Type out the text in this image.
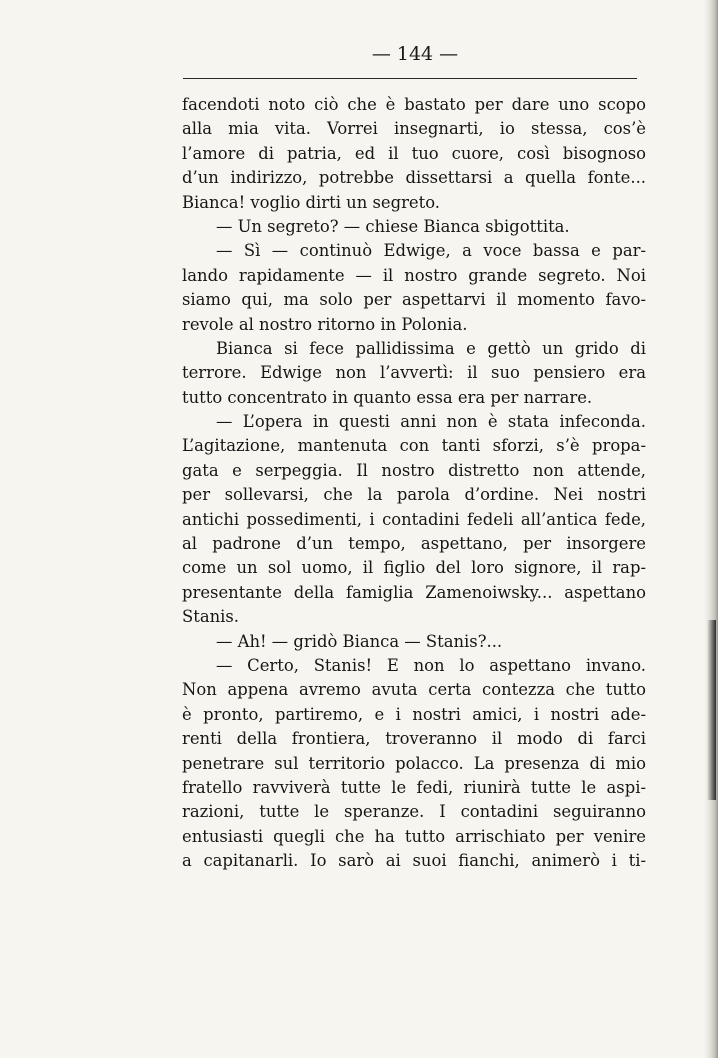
— 144 —
facendoti noto ciò che è bastato per dare uno scopo
alla mia vita. Vorrei insegnarti, io stessa, cos’è
l’amore di patria, ed il tuo cuore, così bisognoso
d’un indirizzo, potrebbe dissettarsi a quella fonte...
Bianca! voglio dirti un segreto.
— Un segreto? — chiese Bianca sbigottita.
— Sì — continuò Edwige, a voce bassa e par-
lando rapidamente — il nostro grande segreto. Noi
siamo qui, ma solo per aspettarvi il momento favo-
revole al nostro ritorno in Polonia.
Bianca si fece pallidissima e gettò un grido di
terrore. Edwige non l’avvertì: il suo pensiero era
tutto concentrato in quanto essa era per narrare.
— L’opera in questi anni non è stata infeconda.
L’agitazione, mantenuta con tanti sforzi, s’è propa-
gata e serpeggia. Il nostro distretto non attende,
per sollevarsi, che la parola d’ordine. Nei nostri
antichi possedimenti, i contadini fedeli all’antica fede,
al padrone d’un tempo, aspettano, per insorgere
come un sol uomo, il figlio del loro signore, il rap-
presentante della famiglia Zamenoiwsky... aspettano
Stanis.
— Ah! — gridò Bianca — Stanis?...
— Certo, Stanis! E non lo aspettano invano.
Non appena avremo avuta certa contezza che tutto
è pronto, partiremo, e i nostri amici, i nostri ade-
renti della frontiera, troveranno il modo di farci
penetrare sul territorio polacco. La presenza di mio
fratello ravviverà tutte le fedi, riunirà tutte le aspi-
razioni, tutte le speranze. I contadini seguiranno
entusiasti quegli che ha tutto arrischiato per venire
a capitanarli. Io sarò ai suoi fianchi, animerò i ti-
